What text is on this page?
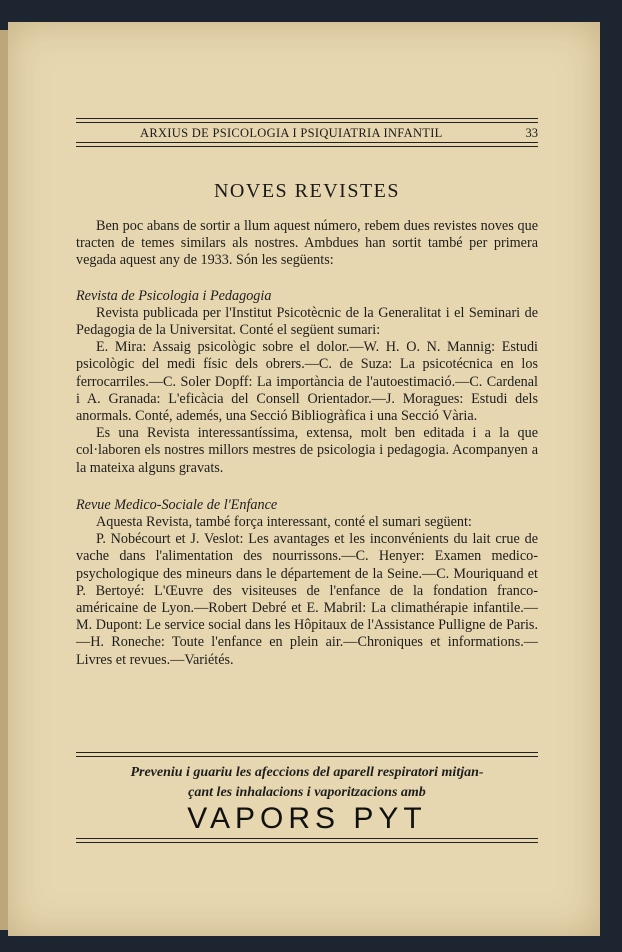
ARXIUS DE PSICOLOGIA I PSIQUIATRIA INFANTIL	33
NOVES REVISTES

Ben poc abans de sortir a llum aquest número, rebem dues revistes noves que tracten de temes similars als nostres. Ambdues han sortit també per primera vegada aquest any de 1933. Són les següents:

Revista de Psicologia i Pedagogia

Revista publicada per l'Institut Psicotècnic de la Generalitat i el Seminari de Pedagogia de la Universitat. Conté el següent sumari:

E. Mira: Assaig psicològic sobre el dolor.—W. H. O. N. Mannig: Estudi psicològic del medi físic dels obrers.—C. de Suza: La psicotécnica en los ferrocarriles.—C. Soler Dopff: La importància de l'autoestimació.—C. Cardenal i A. Granada: L'eficàcia del Consell Orientador.—J. Moragues: Estudi dels anormals. Conté, ademés, una Secció Bibliogràfica i una Secció Vària.

Es una Revista interessantíssima, extensa, molt ben editada i a la que col·laboren els nostres millors mestres de psicologia i pedagogia. Acompanyen a la mateixa alguns gravats.

Revue Medico-Sociale de l'Enfance

Aquesta Revista, també força interessant, conté el sumari següent:

P. Nobécourt et J. Veslot: Les avantages et les inconvénients du lait crue de vache dans l'alimentation des nourrissons.—C. Henyer: Examen medico-psychologique des mineurs dans le département de la Seine.—C. Mouriquand et P. Bertoyé: L'Œuvre des visiteuses de l'enfance de la fondation franco-américaine de Lyon.—Robert Debré et E. Mabril: La climathérapie infantile.—M. Dupont: Le service social dans les Hôpitaux de l'Assistance Pulligne de Paris.—H. Roneche: Toute l'enfance en plein air.—Chroniques et informations.—Livres et revues.—Variétés.

Preveniu i guariu les afeccions del aparell respiratori mitjan-
çant les inhalacions i vaporitzacions amb
VAPORS PYT
